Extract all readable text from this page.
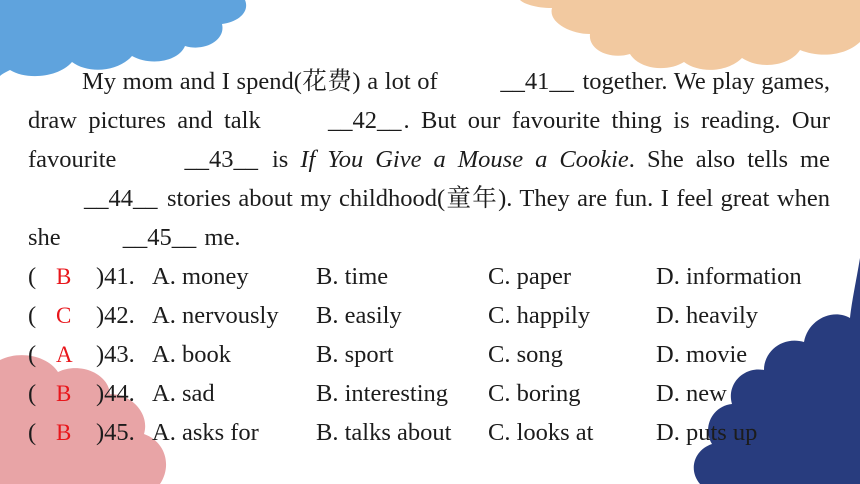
My mom and I spend(花费) a lot of __41__ together. We play games, draw pictures and talk __42__. But our favourite thing is reading. Our favourite __43__ is If You Give a Mouse a Cookie. She also tells me __44__ stories about my childhood(童年). They are fun. I feel great when she __45__ me.

( B )41. A. money	B. time	C. paper	D. information
( C )42. A. nervously B. easily	C. happily	D. heavily
( A )43. A. book	B. sport	C. song	D. movie
( B )44. A. sad	B. interesting C. boring	D. new
( B )45. A. asks for B. talks about C. looks at	D. puts up
